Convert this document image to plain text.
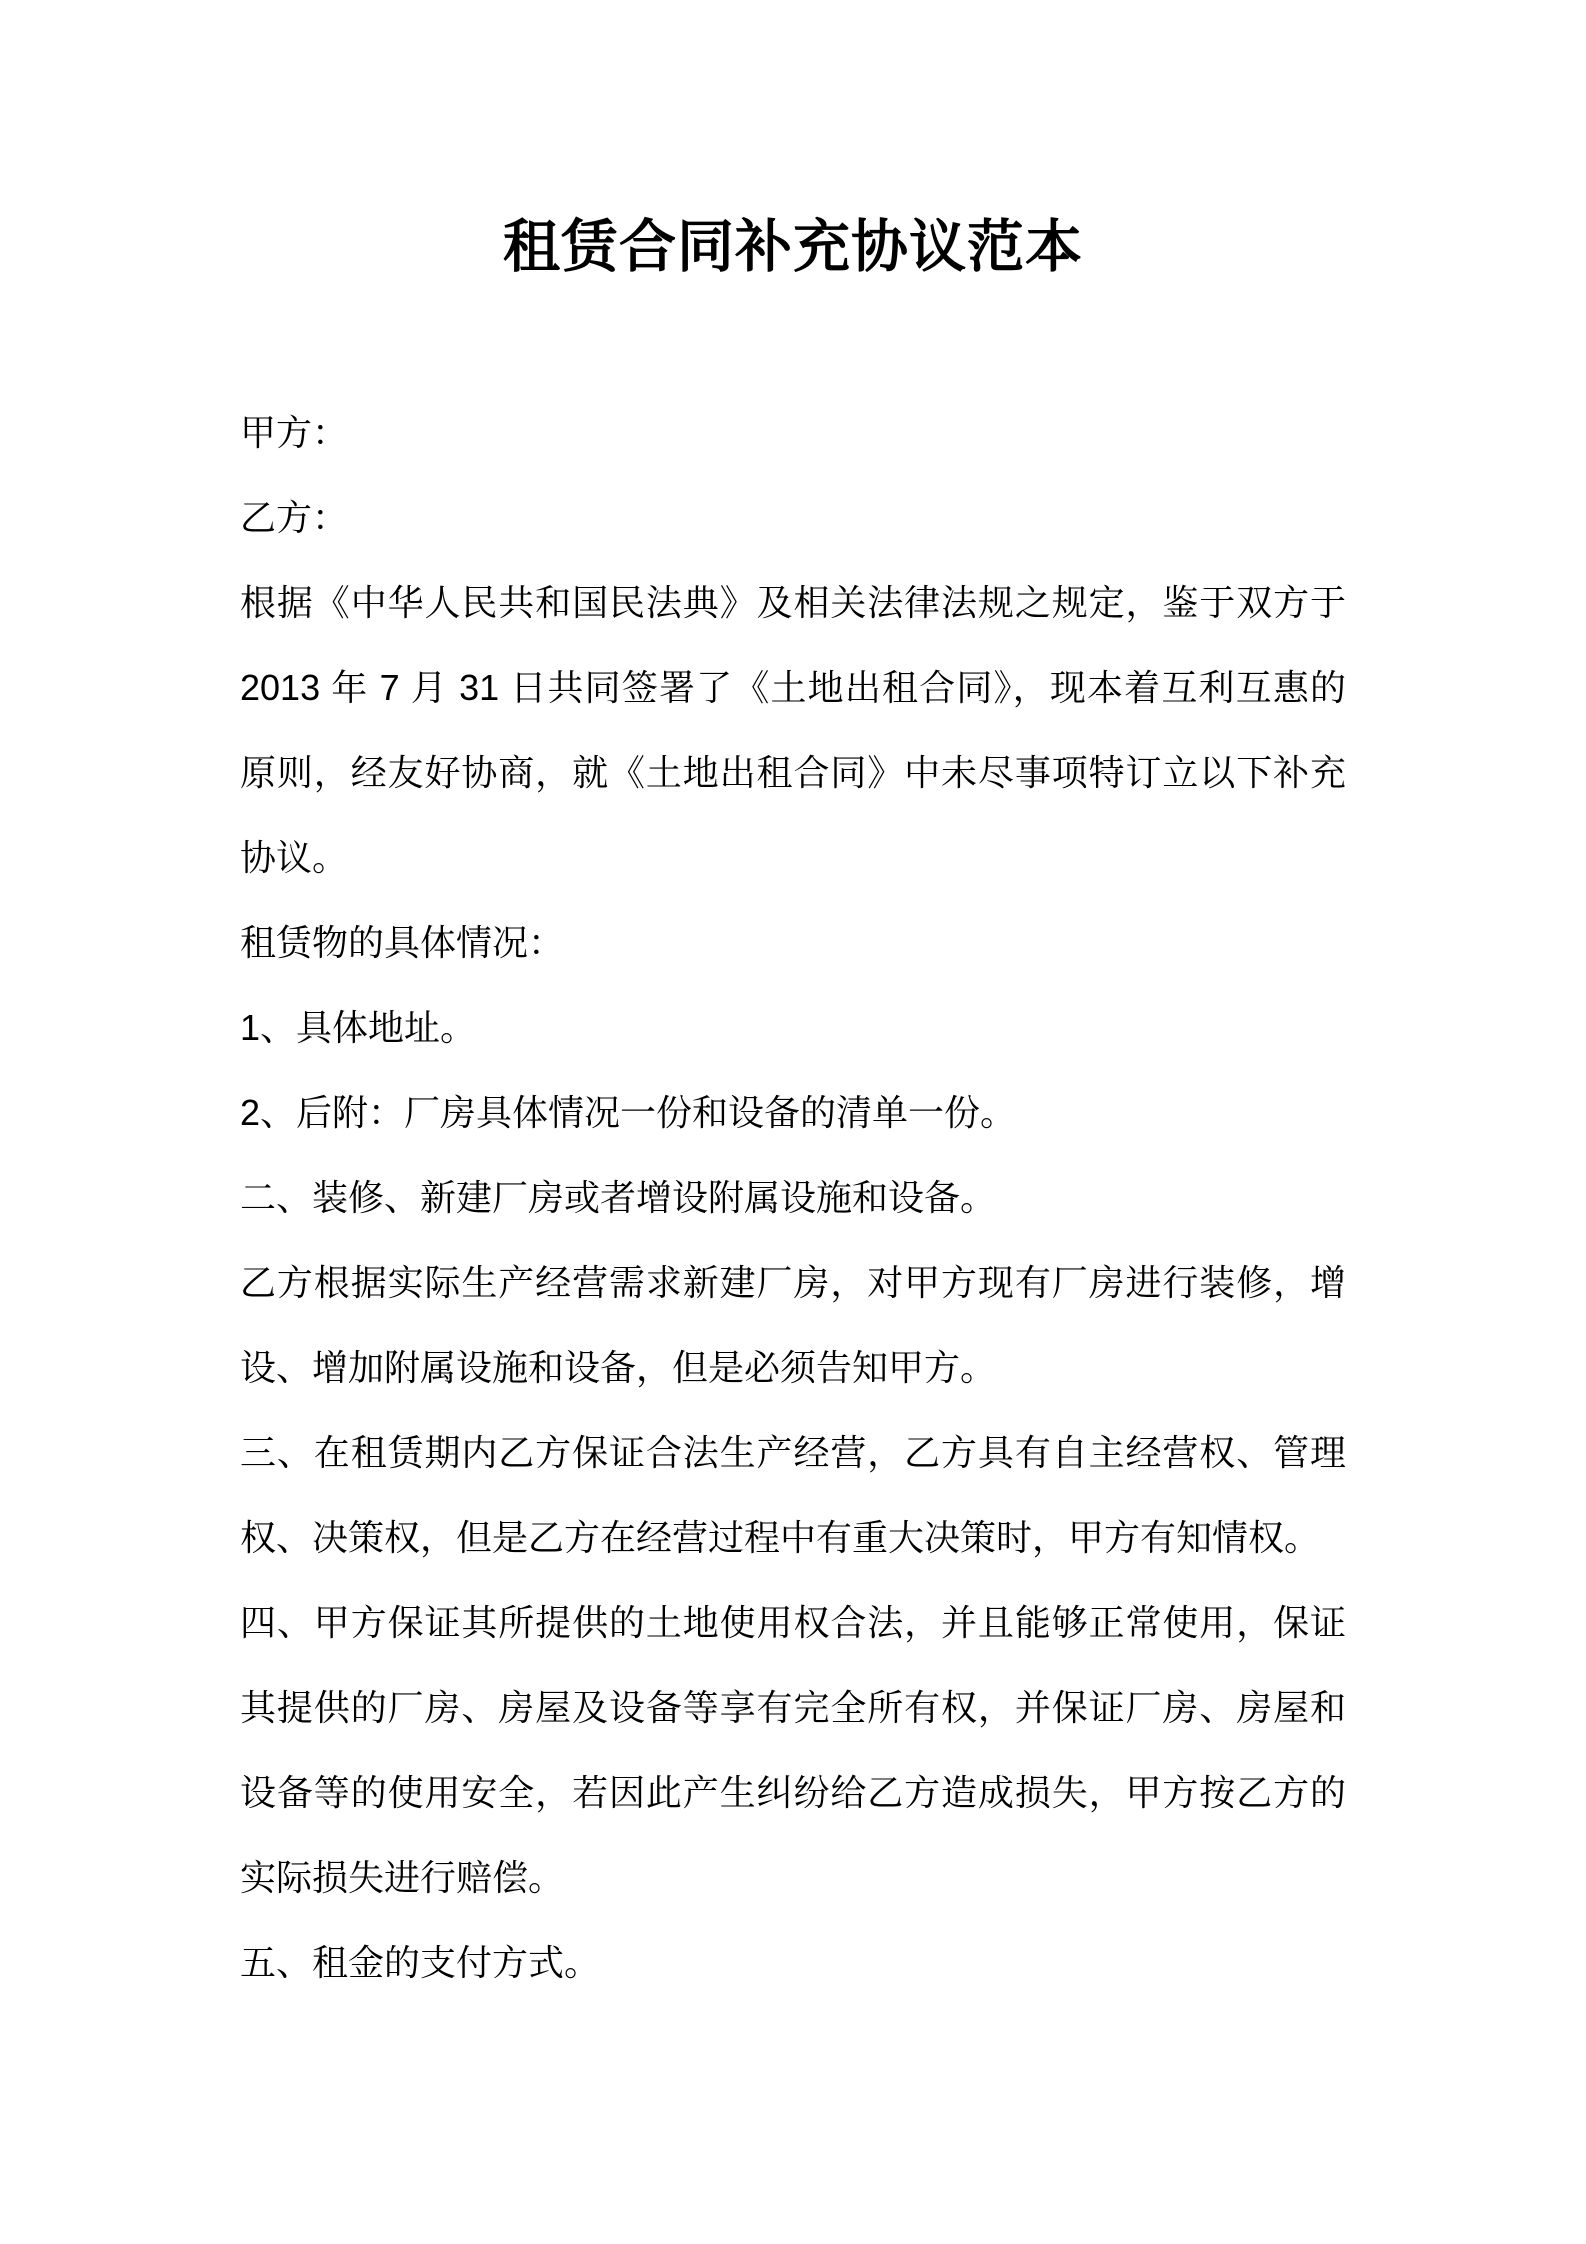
租赁合同补充协议范本
甲方：
乙方：
根据《中华人民共和国民法典》及相关法律法规之规定，鉴于双方于
2013 年 7 月 31 日共同签署了《土地出租合同》，现本着互利互惠的
原则，经友好协商，就《土地出租合同》中未尽事项特订立以下补充
协议。
租赁物的具体情况：
1、具体地址。
2、后附：厂房具体情况一份和设备的清单一份。
二、装修、新建厂房或者增设附属设施和设备。
乙方根据实际生产经营需求新建厂房，对甲方现有厂房进行装修，增
设、增加附属设施和设备，但是必须告知甲方。
三、在租赁期内乙方保证合法生产经营，乙方具有自主经营权、管理
权、决策权，但是乙方在经营过程中有重大决策时，甲方有知情权。
四、甲方保证其所提供的土地使用权合法，并且能够正常使用，保证
其提供的厂房、房屋及设备等享有完全所有权，并保证厂房、房屋和
设备等的使用安全，若因此产生纠纷给乙方造成损失，甲方按乙方的
实际损失进行赔偿。
五、租金的支付方式。
